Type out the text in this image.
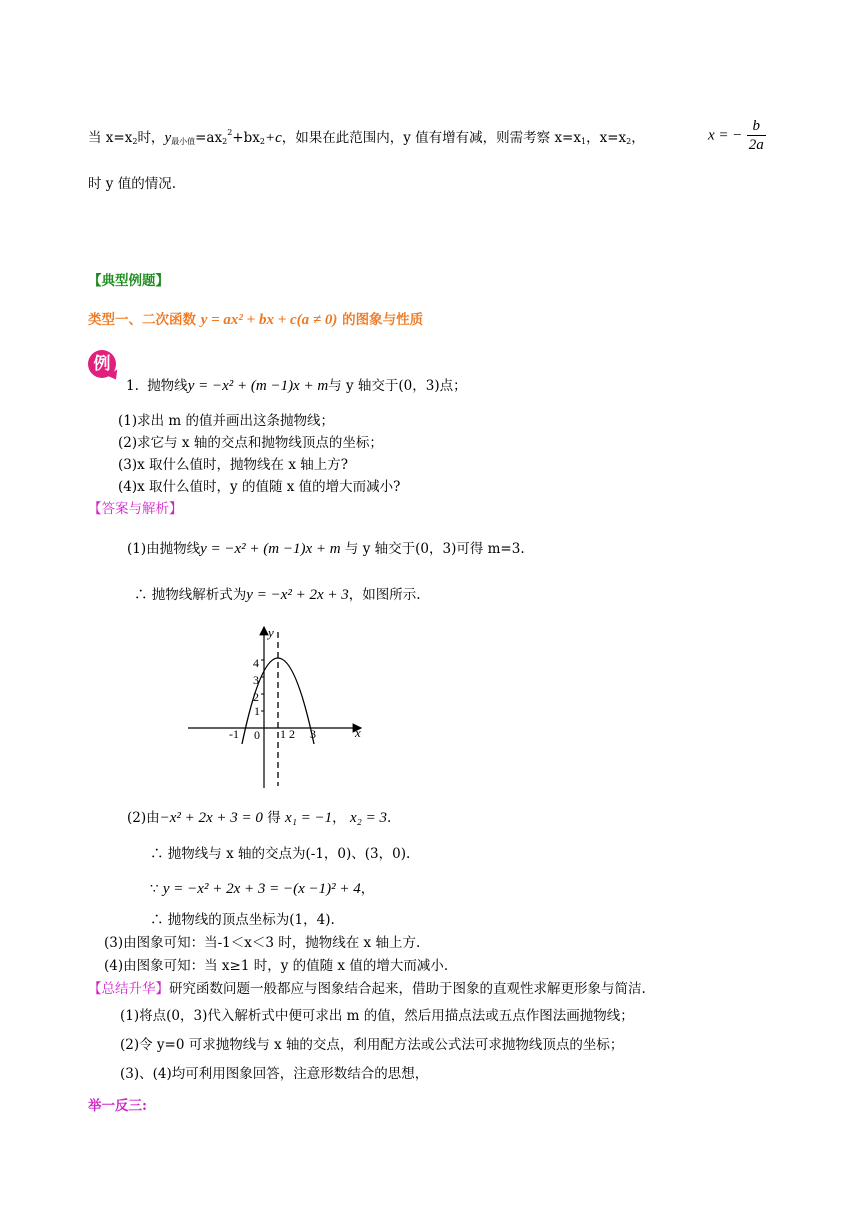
当 $x=x_2$时，$y_{最小值}=ax_2^2+bx_2+c$，如果在此范围内，y 值有增有减，则需考察 $x=x_1$，$x=x_2$，	x = − $\frac{b}{2a}$
时 y 值的情况.
【典型例题】
类型一、二次函数 y = ax² + bx + c(a ≠ 0) 的图象与性质
例
1. 抛物线y = −x² + (m −1)x + m与 y 轴交于(0，3)点；
(1)求出 m 的值并画出这条抛物线；
(2)求它与 x 轴的交点和抛物线顶点的坐标；
(3)x 取什么值时，抛物线在 x 轴上方?
(4)x 取什么值时，y 的值随 x 值的增大而减小?
【答案与解析】
(1)由抛物线y = −x² + (m −1)x + m 与 y 轴交于(0，3)可得 m=3.
∴ 抛物线解析式为y = −x² + 2x + 3，如图所示.
y
x
4
3
2
1
-1 0 1 2 3
(2)由−x² + 2x + 3 = 0 得 x₁ = −1， x₂ = 3.
∴ 抛物线与 x 轴的交点为(-1，0)、(3，0).
∵ y = −x² + 2x + 3 = −(x −1)² + 4，
∴ 抛物线的顶点坐标为(1，4).
(3)由图象可知：当-1＜x＜3 时，抛物线在 x 轴上方.
(4)由图象可知：当 x≥1 时，y 的值随 x 值的增大而减小.
【总结升华】研究函数问题一般都应与图象结合起来，借助于图象的直观性求解更形象与简洁.
(1)将点(0，3)代入解析式中便可求出 m 的值，然后用描点法或五点作图法画抛物线；
(2)令 y=0 可求抛物线与 x 轴的交点，利用配方法或公式法可求抛物线顶点的坐标；
(3)、(4)均可利用图象回答，注意形数结合的思想，
举一反三:
